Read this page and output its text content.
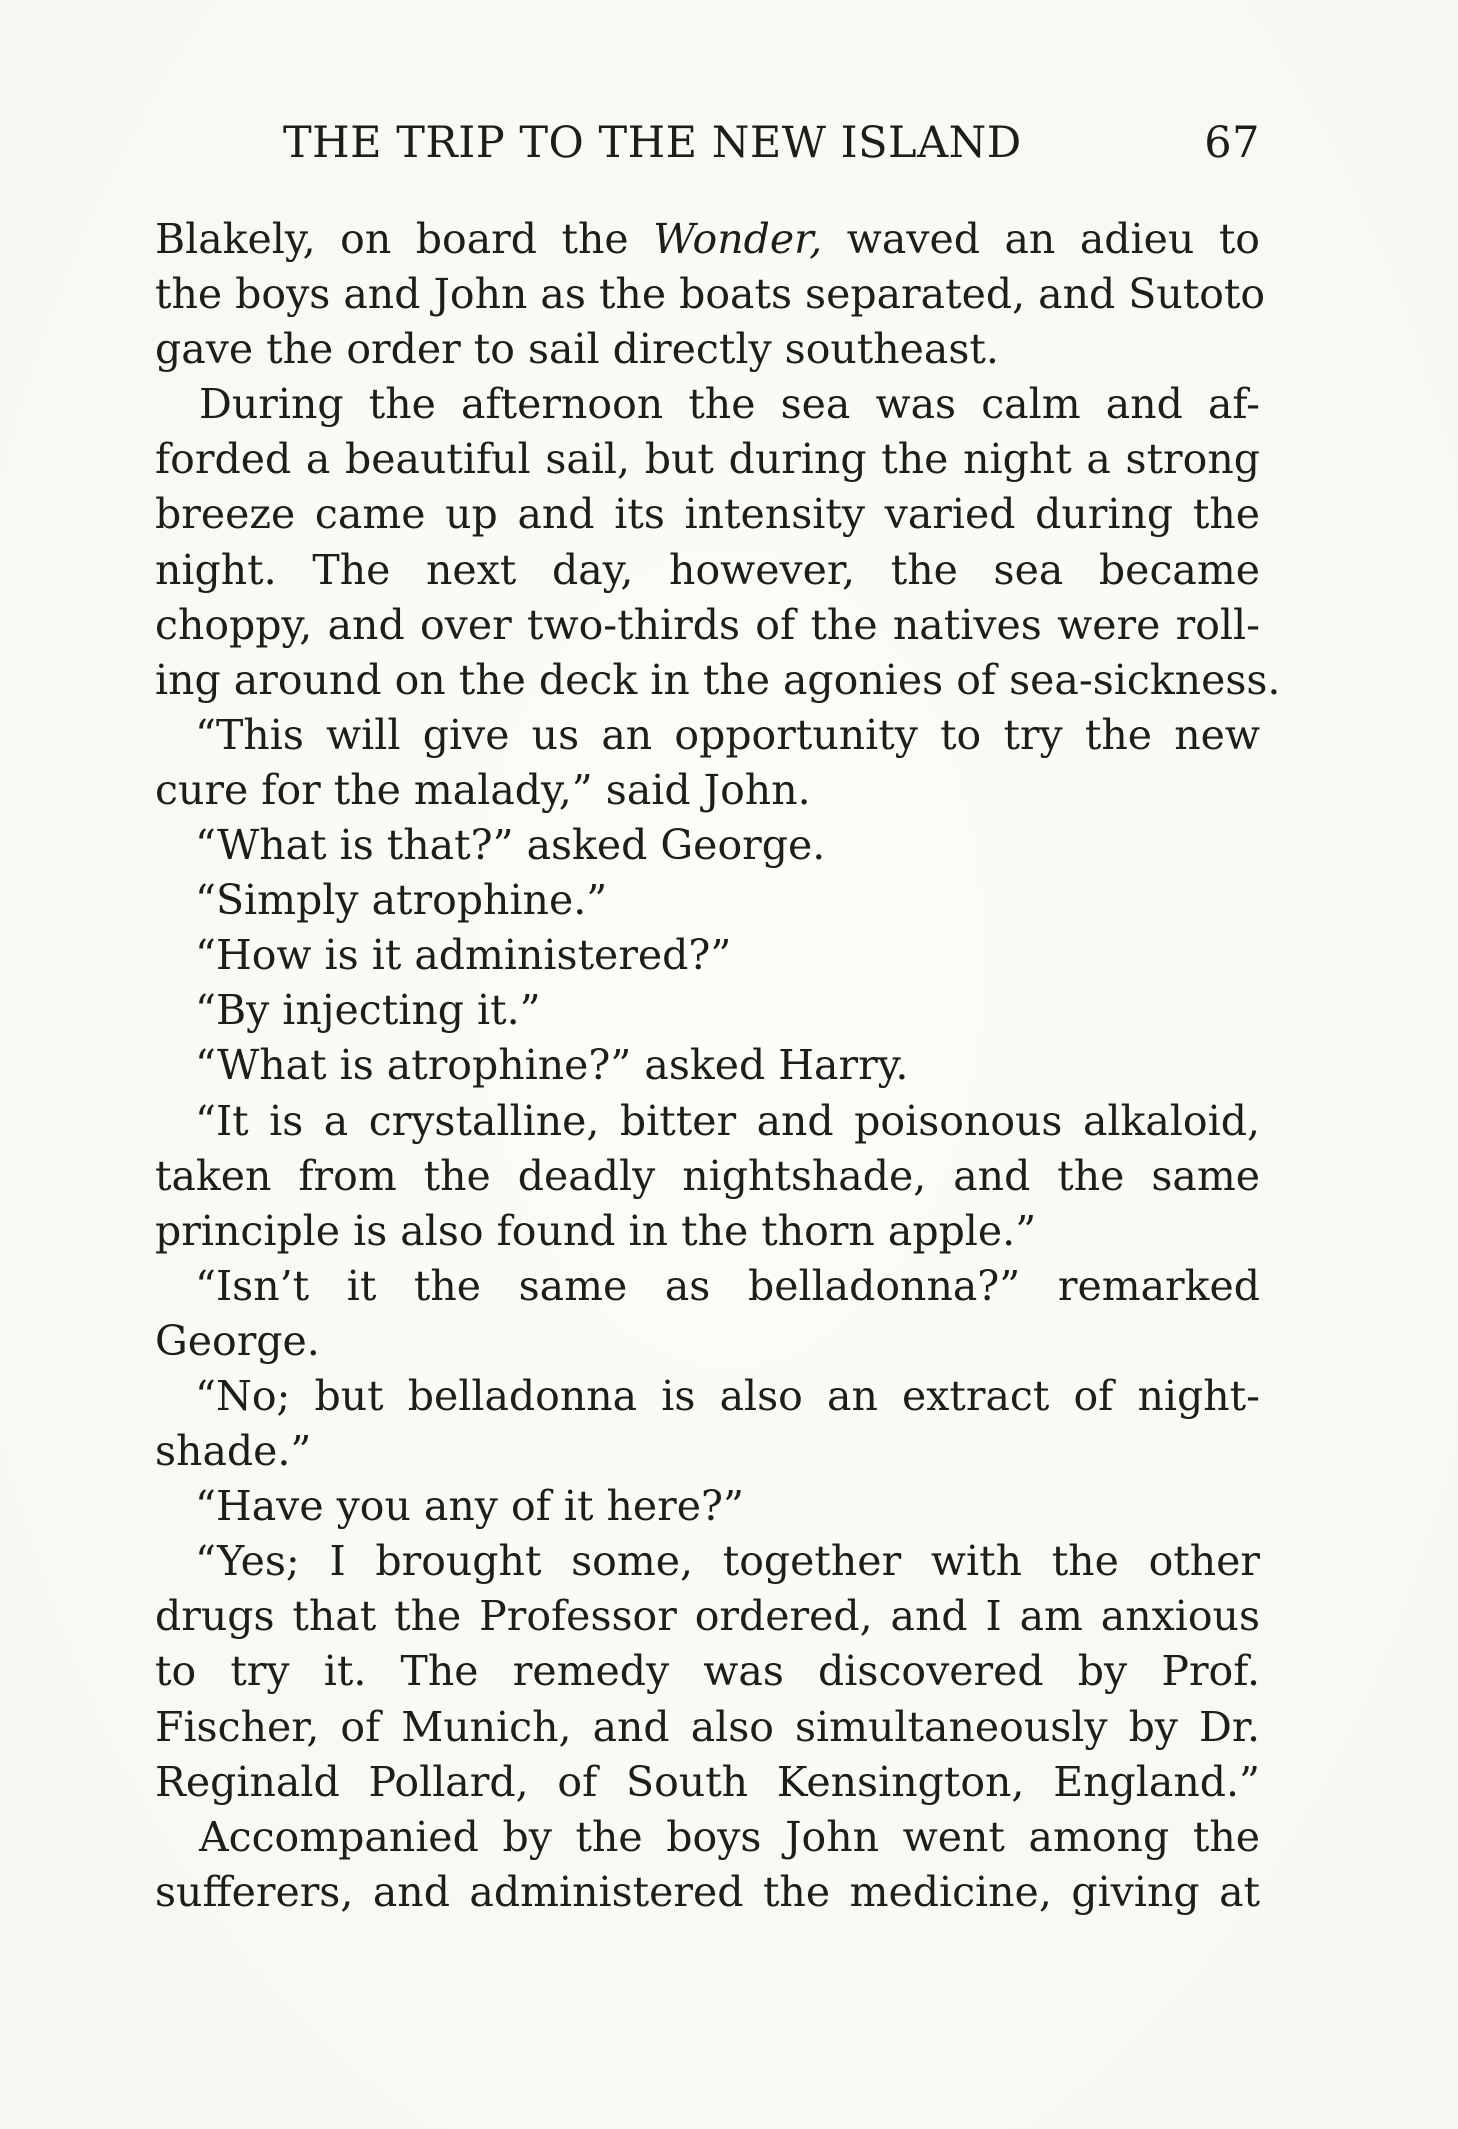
THE TRIP TO THE NEW ISLAND	67
Blakely, on board the Wonder, waved an adieu to
the boys and John as the boats separated, and Sutoto
gave the order to sail directly southeast.
During the afternoon the sea was calm and af-
forded a beautiful sail, but during the night a strong
breeze came up and its intensity varied during the
night. The next day, however, the sea became
choppy, and over two-thirds of the natives were roll-
ing around on the deck in the agonies of sea-sickness.
“This will give us an opportunity to try the new
cure for the malady,” said John.
“What is that?” asked George.
“Simply atrophine.”
“How is it administered?”
“By injecting it.”
“What is atrophine?” asked Harry.
“It is a crystalline, bitter and poisonous alkaloid,
taken from the deadly nightshade, and the same
principle is also found in the thorn apple.”
“Isn’t it the same as belladonna?” remarked
George.
“No; but belladonna is also an extract of night-
shade.”
“Have you any of it here?”
“Yes; I brought some, together with the other
drugs that the Professor ordered, and I am anxious
to try it. The remedy was discovered by Prof.
Fischer, of Munich, and also simultaneously by Dr.
Reginald Pollard, of South Kensington, England.”
Accompanied by the boys John went among the
sufferers, and administered the medicine, giving at
